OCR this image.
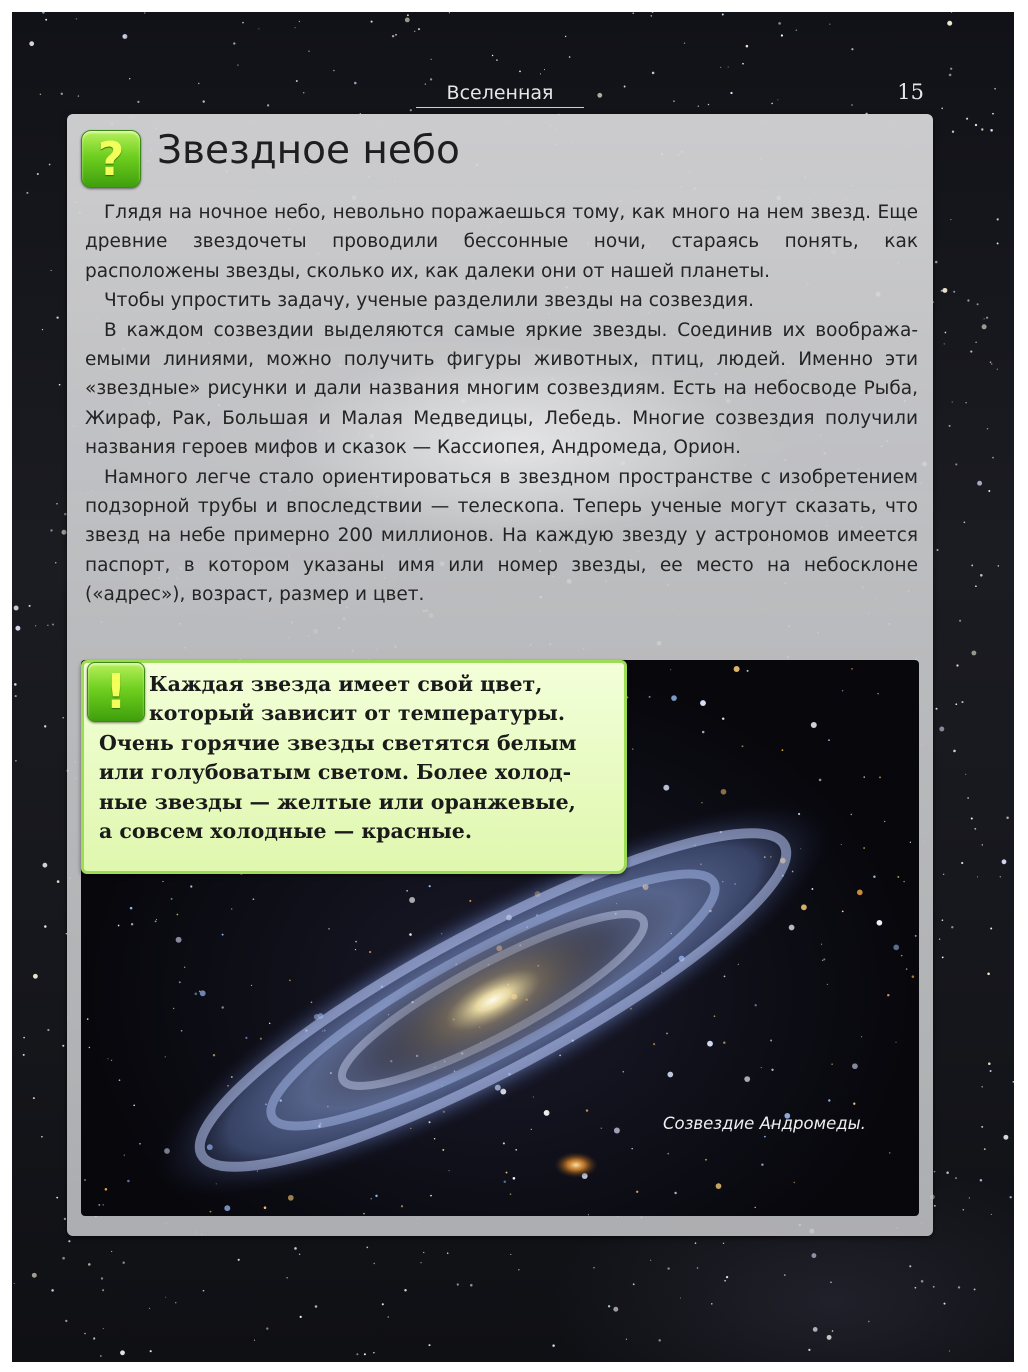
Вселенная	15
? Звездное небо

Глядя на ночное небо, невольно поражаешься тому, как много на нем звезд. Еще древние звездочеты проводили бессонные ночи, стараясь понять, как расположены звезды, сколько их, как далеки они от нашей планеты.

Чтобы упростить задачу, ученые разделили звезды на созвездия.

В каждом созвездии выделяются самые яркие звезды. Соединив их воображаемыми линиями, можно получить фигуры животных, птиц, людей. Именно эти «звездные» рисунки и дали названия многим созвездиям. Есть на небосводе Рыба, Жираф, Рак, Большая и Малая Медведицы, Лебедь. Многие созвездия получили названия героев мифов и сказок — Кассиопея, Андромеда, Орион.

Намного легче стало ориентироваться в звездном пространстве с изобретением подзорной трубы и впоследствии — телескопа. Теперь ученые могут сказать, что звезд на небе примерно 200 миллионов. На каждую звезду у астрономов имеется паспорт, в котором указаны имя или номер звезды, ее место на небосклоне («адрес»), возраст, размер и цвет.

!	Каждая звезда имеет свой цвет,
который зависит от температуры.
Очень горячие звезды светятся белым
или голубоватым светом. Более холод-
ные звезды — желтые или оранжевые,
а совсем холодные — красные.
Созвездие Андромеды.
